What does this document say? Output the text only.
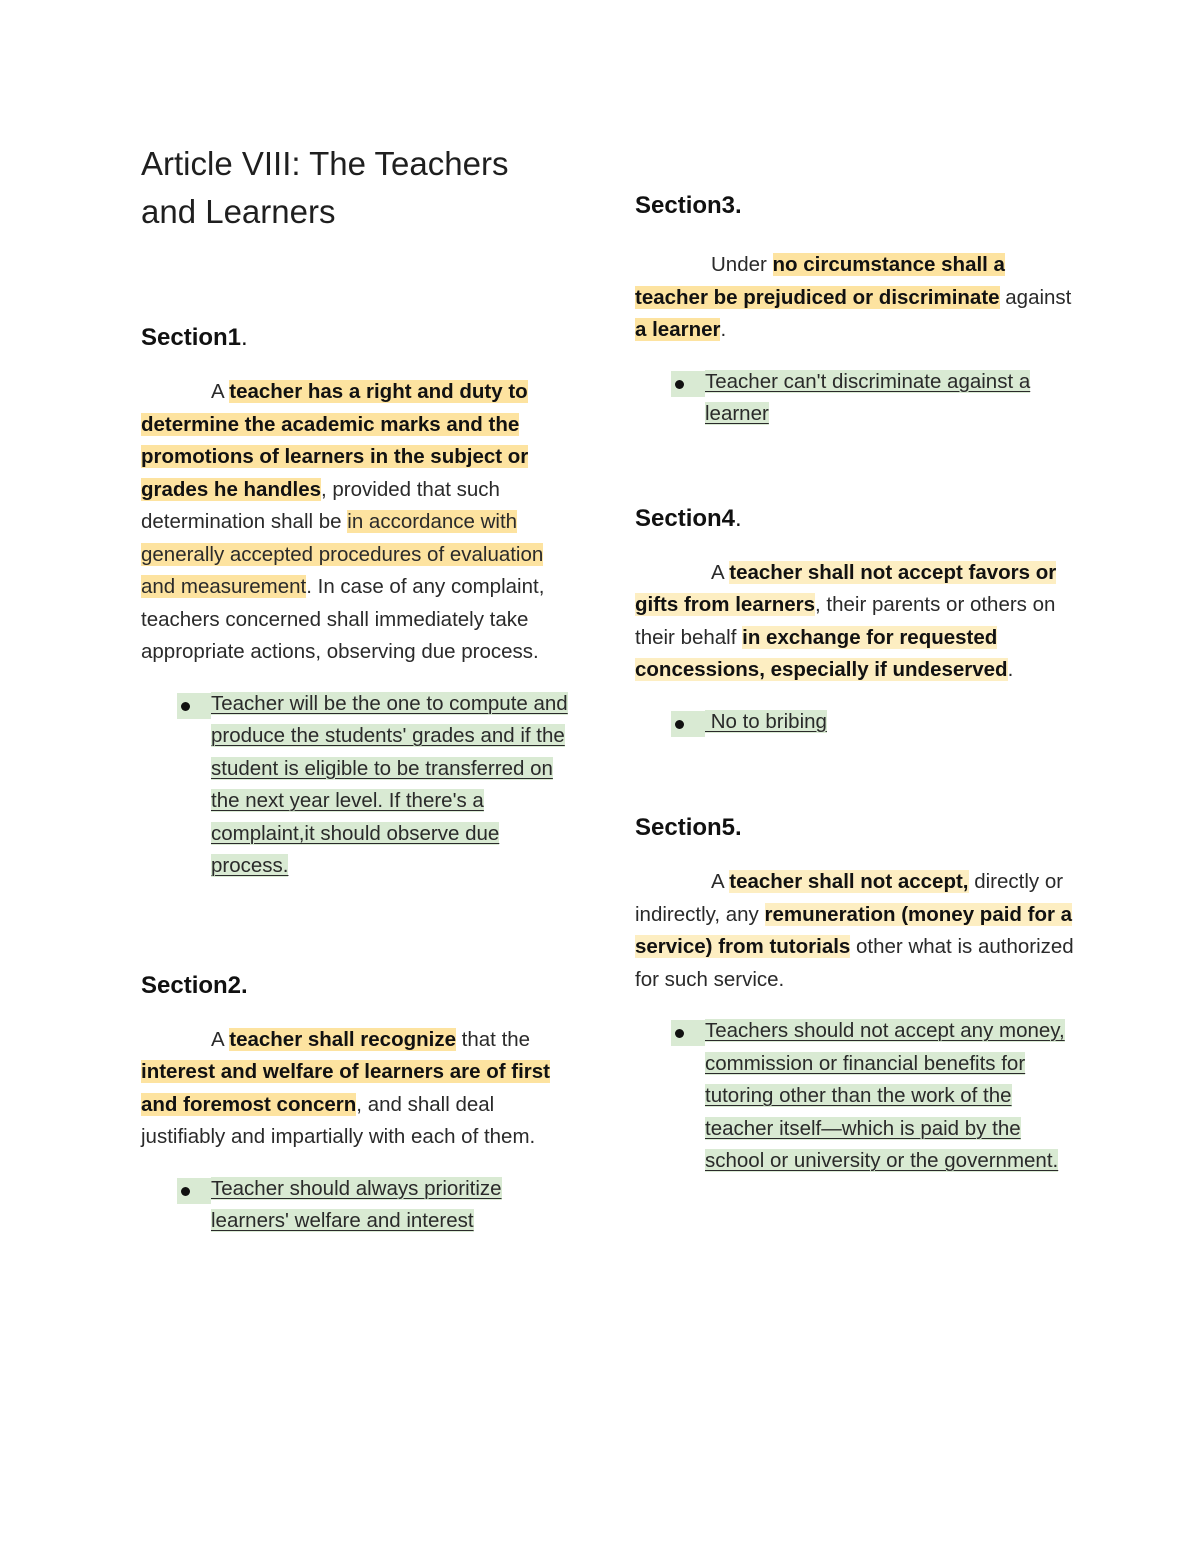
Article VIII: The Teachers
and Learners
Section1.

A teacher has a right and duty to determine the academic marks and the promotions of learners in the subject or grades he handles, provided that such determination shall be in accordance with generally accepted procedures of evaluation and measurement. In case of any complaint, teachers concerned shall immediately take appropriate actions, observing due process.

Teacher will be the one to compute and produce the students' grades and if the student is eligible to be transferred on the next year level. If there's a complaint,it should observe due process.
Section2.

A teacher shall recognize that the interest and welfare of learners are of first and foremost concern, and shall deal justifiably and impartially with each of them.

Teacher should always prioritize learners' welfare and interest
Section3.

Under no circumstance shall a teacher be prejudiced or discriminate against a learner.

Teacher can't discriminate against a learner
Section4.

A teacher shall not accept favors or gifts from learners, their parents or others on their behalf in exchange for requested concessions, especially if undeserved.

No to bribing
Section5.

A teacher shall not accept, directly or indirectly, any remuneration (money paid for a service) from tutorials other what is authorized for such service.

Teachers should not accept any money, commission or financial benefits for tutoring other than the work of the teacher itself—which is paid by the school or university or the government.
